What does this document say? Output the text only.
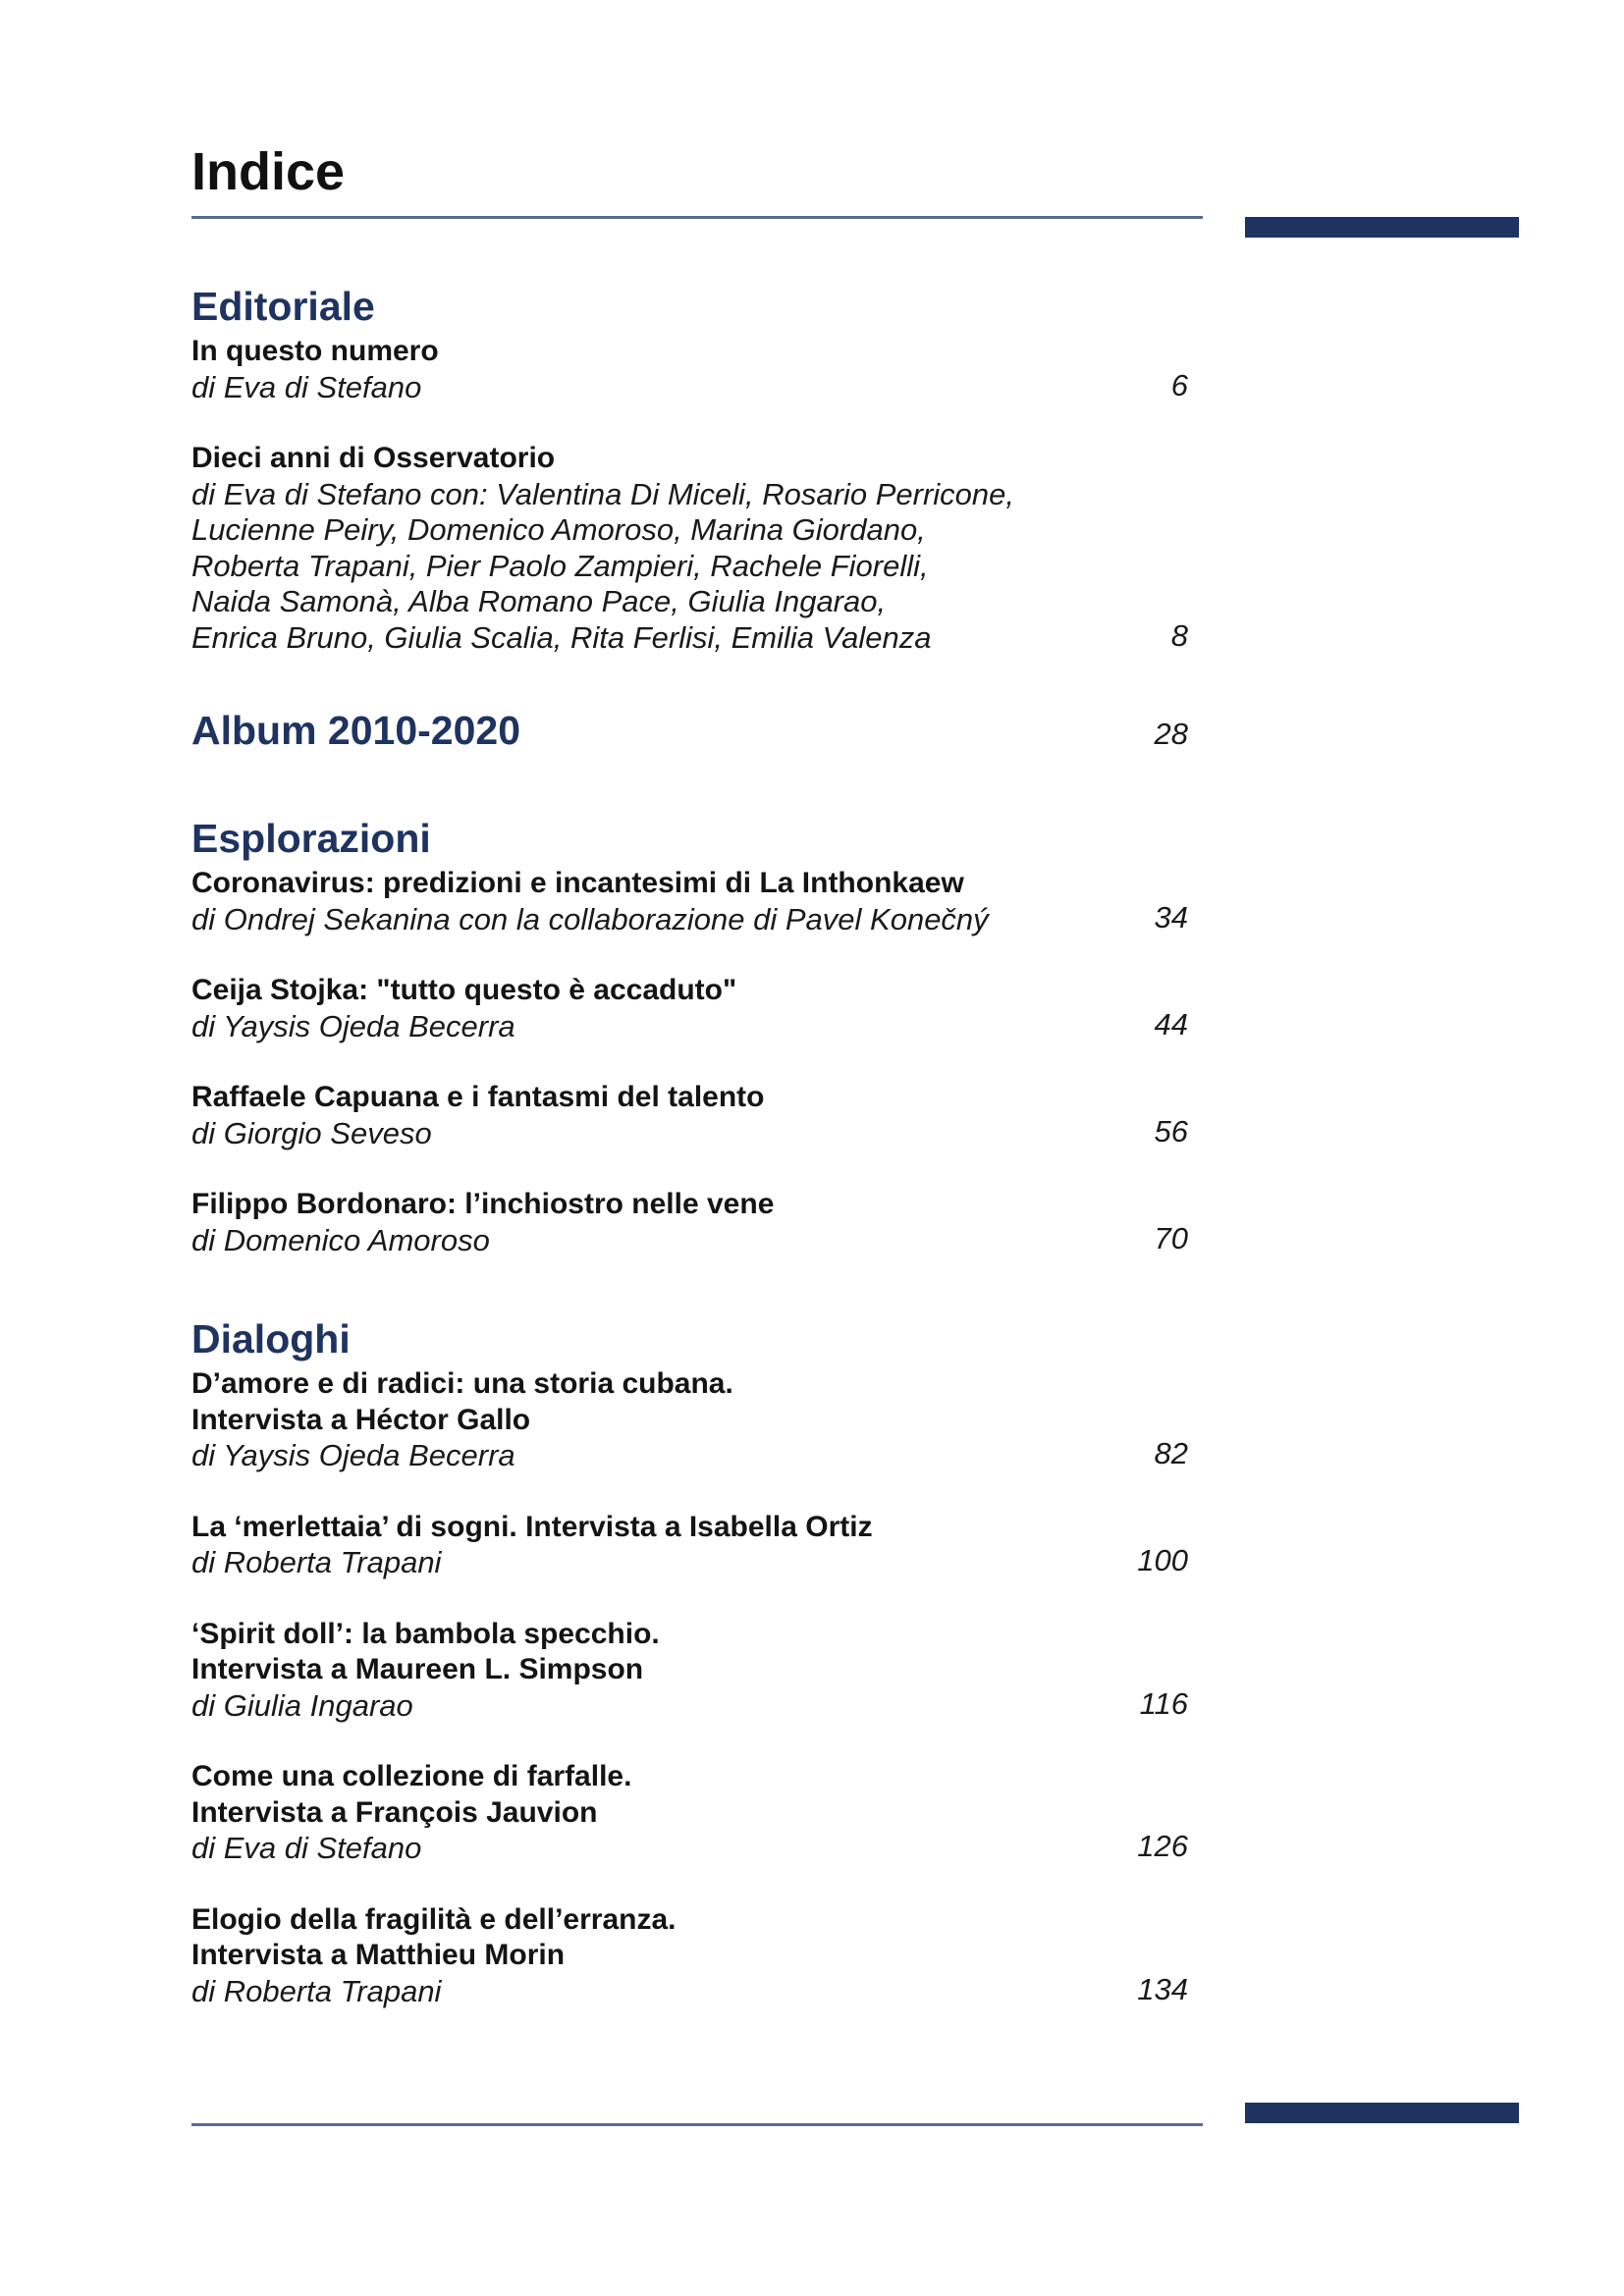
Indice
Editoriale
In questo numero
di Eva di Stefano	6
Dieci anni di Osservatorio
di Eva di Stefano con: Valentina Di Miceli, Rosario Perricone,
Lucienne Peiry, Domenico Amoroso, Marina Giordano,
Roberta Trapani, Pier Paolo Zampieri, Rachele Fiorelli,
Naida Samonà, Alba Romano Pace, Giulia Ingarao,
Enrica Bruno, Giulia Scalia, Rita Ferlisi, Emilia Valenza	8
Album 2010-2020	28
Esplorazioni
Coronavirus: predizioni e incantesimi di La Inthonkaew
di Ondrej Sekanina con la collaborazione di Pavel Konečný	34
Ceija Stojka: "tutto questo è accaduto"
di Yaysis Ojeda Becerra	44
Raffaele Capuana e i fantasmi del talento
di Giorgio Seveso	56
Filippo Bordonaro: l’inchiostro nelle vene
di Domenico Amoroso	70
Dialoghi
D’amore e di radici: una storia cubana.
Intervista a Héctor Gallo
di Yaysis Ojeda Becerra	82
La ‘merlettaia’ di sogni. Intervista a Isabella Ortiz
di Roberta Trapani	100
‘Spirit doll’: la bambola specchio.
Intervista a Maureen L. Simpson
di Giulia Ingarao	116
Come una collezione di farfalle.
Intervista a François Jauvion
di Eva di Stefano	126
Elogio della fragilità e dell’erranza.
Intervista a Matthieu Morin
di Roberta Trapani	134
